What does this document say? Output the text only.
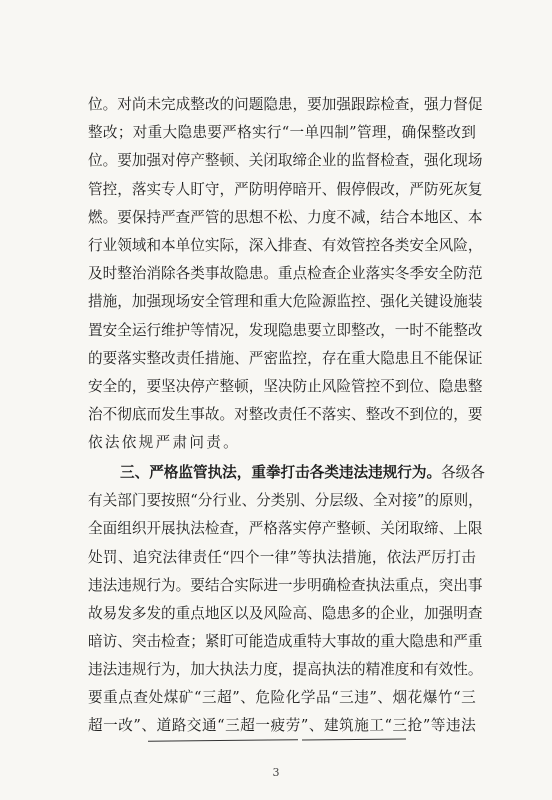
位 。 对 尚 未 完 成 整 改 的 问 题 隐 患 ， 要 加 强 跟 踪 检 查 ， 强 力 督 促
整 改 ； 对 重 大 隐 患 要 严 格 实 行 “ 一 单 四 制 ” 管 理 ， 确 保 整 改 到
位 。 要 加 强 对 停 产 整 顿 、 关 闭 取 缔 企 业 的 监 督 检 查 ， 强 化 现 场
管 控 ， 落 实 专 人 盯 守 ， 严 防 明 停 暗 开 、 假 停 假 改 ， 严 防 死 灰 复
燃 。 要 保 持 严 查 严 管 的 思 想 不 松 、 力 度 不 减 ， 结 合 本 地 区 、 本
行 业 领 域 和 本 单 位 实 际 ， 深 入 排 查 、 有 效 管 控 各 类 安 全 风 险 ，
及 时 整 治 消 除 各 类 事 故 隐 患 。 重 点 检 查 企 业 落 实 冬 季 安 全 防 范
措 施 ， 加 强 现 场 安 全 管 理 和 重 大 危 险 源 监 控 、 强 化 关 键 设 施 装
置 安 全 运 行 维 护 等 情 况 ， 发 现 隐 患 要 立 即 整 改 ， 一 时 不 能 整 改
的 要 落 实 整 改 责 任 措 施 、 严 密 监 控 ， 存 在 重 大 隐 患 且 不 能 保 证
安 全 的 ， 要 坚 决 停 产 整 顿 ， 坚 决 防 止 风 险 管 控 不 到 位 、 隐 患 整
治 不 彻 底 而 发 生 事 故 。 对 整 改 责 任 不 落 实 、 整 改 不 到 位 的 ， 要
依法依规严肃问责。
三、严格监管执法，重拳打击各类违法违规行为。 各级各
有 关 部 门 要 按 照 “ 分 行 业 、 分 类 别 、 分 层 级 、 全 对 接 ” 的 原 则 ，
全 面 组 织 开 展 执 法 检 查 ， 严 格 落 实 停 产 整 顿 、 关 闭 取 缔 、 上 限
处 罚 、 追 究 法 律 责 任 “ 四 个 一 律 ” 等 执 法 措 施 ， 依 法 严 厉 打 击
违 法 违 规 行 为 。 要 结 合 实 际 进 一 步 明 确 检 查 执 法 重 点 ， 突 出 事
故 易 发 多 发 的 重 点 地 区 以 及 风 险 高 、 隐 患 多 的 企 业 ， 加 强 明 查
暗 访 、 突 击 检 查 ； 紧 盯 可 能 造 成 重 特 大 事 故 的 重 大 隐 患 和 严 重
违 法 违 规 行 为 ， 加 大 执 法 力 度 ， 提 高 执 法 的 精 准 度 和 有 效 性 。
要 重 点 查 处 煤 矿 “ 三 超 ” 、 危 险 化 学 品 “ 三 违 ” 、 烟 花 爆 竹 “ 三
超 一 改 ” 、 道 路 交 通 “ 三 超 一 疲 劳 ” 、 建 筑 施 工 “ 三 抢 ” 等 违 法
3
